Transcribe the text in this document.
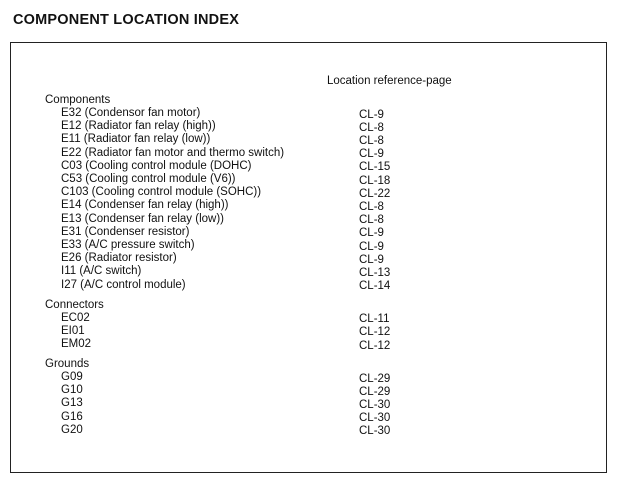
COMPONENT LOCATION INDEX
Location reference-page
Components
E32 (Condensor fan motor)	CL-9
E12 (Radiator fan relay (high))	CL-8
E11 (Radiator fan relay (low))	CL-8
E22 (Radiator fan motor and thermo switch)	CL-9
C03 (Cooling control module (DOHC)	CL-15
C53 (Cooling control module (V6))	CL-18
C103 (Cooling control module (SOHC))	CL-22
E14 (Condenser fan relay (high))	CL-8
E13 (Condenser fan relay (low))	CL-8
E31 (Condenser resistor)	CL-9
E33 (A/C pressure switch)	CL-9
E26 (Radiator resistor)	CL-9
I11 (A/C switch)	CL-13
I27 (A/C control module)	CL-14
Connectors
EC02	CL-11
EI01	CL-12
EM02	CL-12
Grounds
G09	CL-29
G10	CL-29
G13	CL-30
G16	CL-30
G20	CL-30
